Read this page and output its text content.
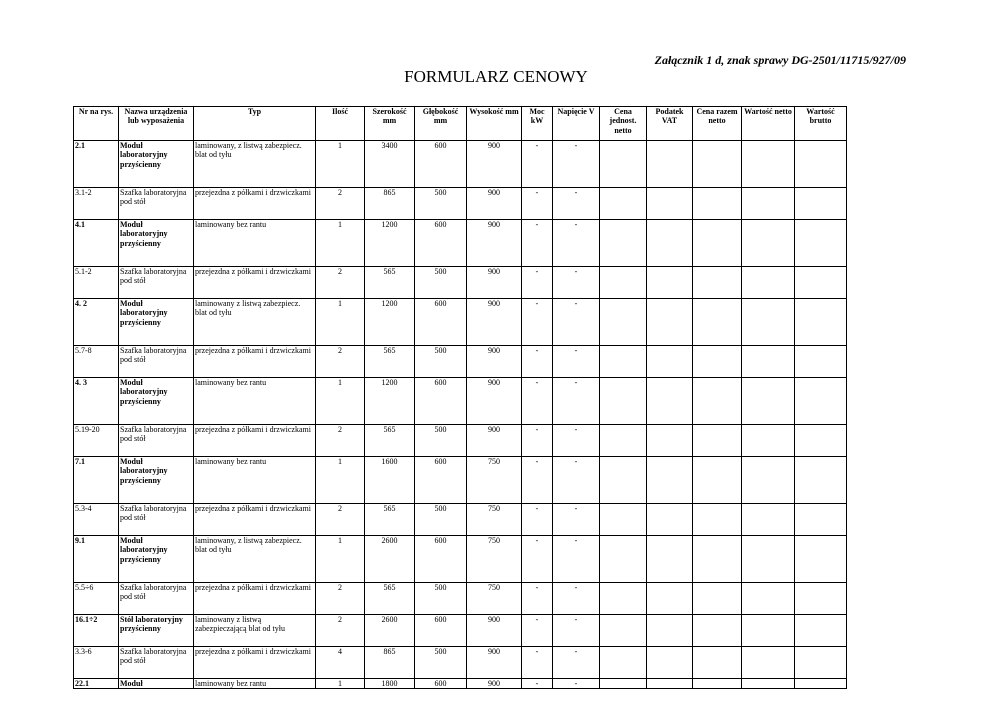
Załącznik 1 d, znak sprawy DG-2501/11715/927/09
FORMULARZ CENOWY
Nr na rys.	Nazwa urządzenia lub wyposażenia	Typ	Ilość	Szerokość mm	Głębokość mm	Wysokość mm	Moc kW	Napięcie V	Cena jednost. netto	Podatek VAT	Cena razem netto	Wartość netto	Wartość brutto
2.1	Moduł laboratoryjny przyścienny	laminowany, z listwą zabezpiecz. blat od tyłu	1	3400	600	900	-	-					
3.1-2	Szafka laboratoryjna pod stół	przejezdna z półkami i drzwiczkami	2	865	500	900	-	-					
4.1	Moduł laboratoryjny przyścienny	laminowany bez rantu	1	1200	600	900	-	-					
5.1-2	Szafka laboratoryjna pod stół	przejezdna z półkami i drzwiczkami	2	565	500	900	-	-					
4. 2	Moduł laboratoryjny przyścienny	laminowany z listwą zabezpiecz. blat od tyłu	1	1200	600	900	-	-					
5.7-8	Szafka laboratoryjna pod stół	przejezdna z półkami i drzwiczkami	2	565	500	900	-	-					
4. 3	Moduł laboratoryjny przyścienny	laminowany bez rantu	1	1200	600	900	-	-					
5.19-20	Szafka laboratoryjna pod stół	przejezdna z półkami i drzwiczkami	2	565	500	900	-	-					
7.1	Moduł laboratoryjny przyścienny	laminowany bez rantu	1	1600	600	750	-	-					
5.3-4	Szafka laboratoryjna pod stół	przejezdna z półkami i drzwiczkami	2	565	500	750	-	-					
9.1	Moduł laboratoryjny przyścienny	laminowany, z listwą zabezpiecz. blat od tyłu	1	2600	600	750	-	-					
5.5÷6	Szafka laboratoryjna pod stół	przejezdna z półkami i drzwiczkami	2	565	500	750	-	-					
16.1÷2	Stół laboratoryjny przyścienny	laminowany z listwą zabezpieczającą blat od tyłu	2	2600	600	900	-	-					
3.3-6	Szafka laboratoryjna pod stół	przejezdna z półkami i drzwiczkami	4	865	500	900	-	-					
22.1	Moduł	laminowany bez rantu	1	1800	600	900	-	-					
